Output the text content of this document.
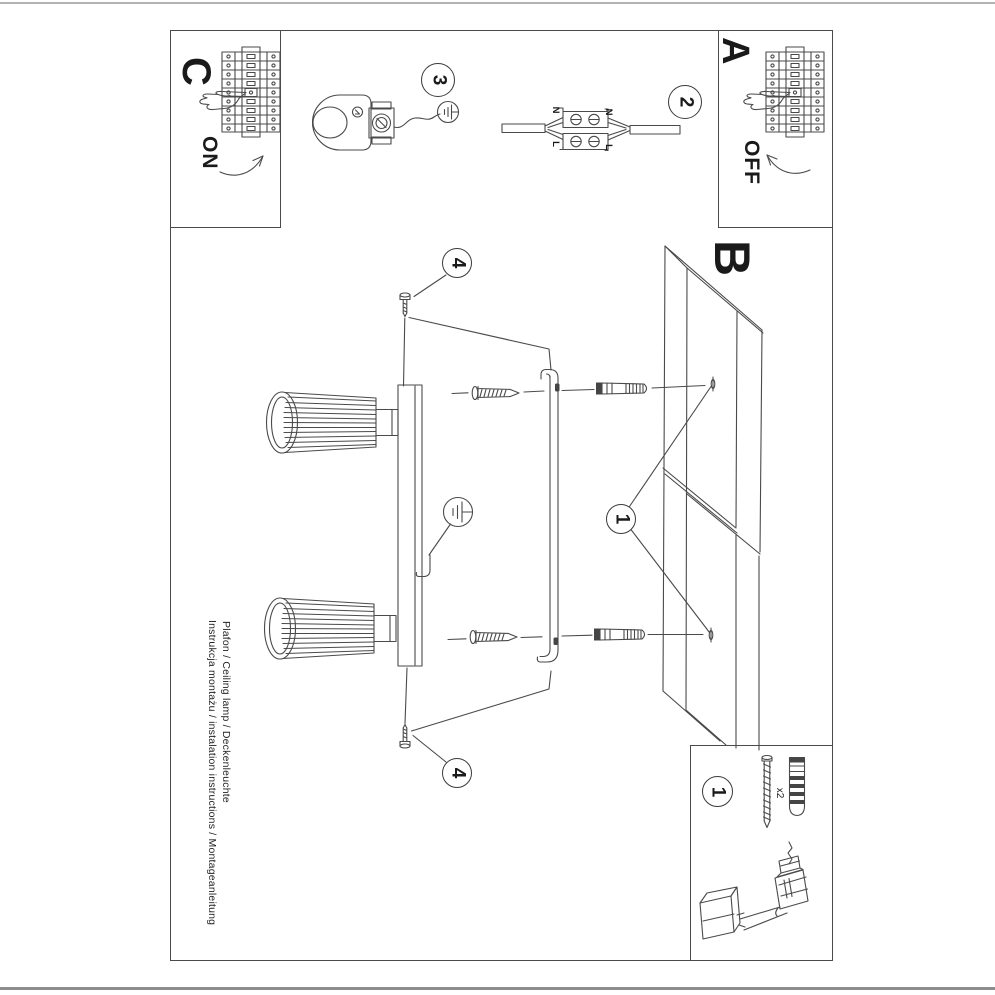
C
ON
A
OFF
B
N	N
L
L
3
2
1
4
4
1	x2
Instrukcja montażu / instalation instructions / Montageanleitung Plafon / Ceiling lamp / Deckenleuchte
